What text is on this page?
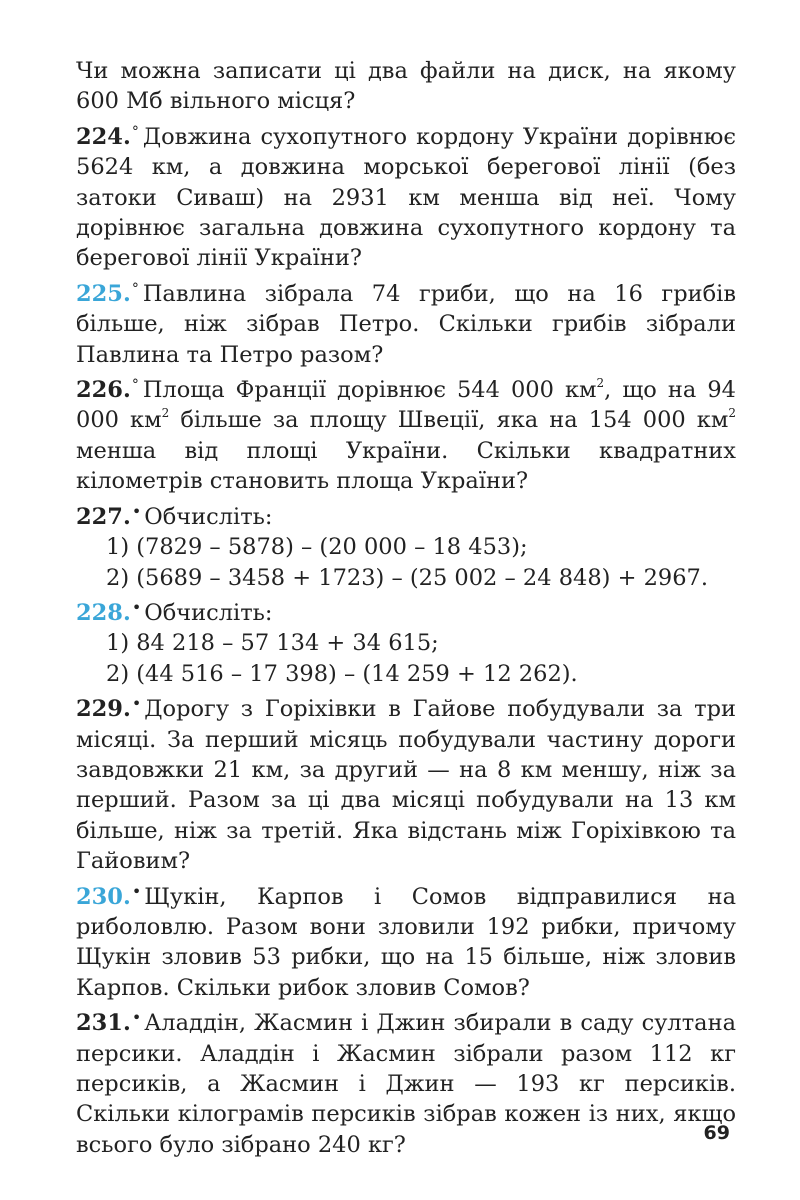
Чи можна записати ці два файли на диск, на якому 600 Мб вільного місця?

224.° Довжина сухопутного кордону України дорівнює 5624 км, а довжина морської берегової лінії (без затоки Сиваш) на 2931 км менша від неї. Чому дорівнює загальна довжина сухопутного кордону та берегової лінії України?

225.° Павлина зібрала 74 гриби, що на 16 грибів більше, ніж зібрав Петро. Скільки грибів зібрали Павлина та Петро разом?

226.° Площа Франції дорівнює 544 000 $км^2$, що на 94 000 $км^2$ більше за площу Швеції, яка на 154 000 $км^2$ менша від площі України. Скільки квадратних кілометрів становить площа України?

227.• Обчисліть:

1) (7829 – 5878) – (20 000 – 18 453);
2) (5689 – 3458 + 1723) – (25 002 – 24 848) + 2967.

228.• Обчисліть:

1) 84 218 – 57 134 + 34 615;
2) (44 516 – 17 398) – (14 259 + 12 262).

229.• Дорогу з Горіхівки в Гайове побудували за три місяці. За перший місяць побудували частину дороги завдовжки 21 км, за другий — на 8 км меншу, ніж за перший. Разом за ці два місяці побудували на 13 км більше, ніж за третій. Яка відстань між Горіхівкою та Гайовим?

230.• Щукін, Карпов і Сомов відправилися на риболовлю. Разом вони зловили 192 рибки, причому Щукін зловив 53 рибки, що на 15 більше, ніж зловив Карпов. Скільки рибок зловив Сомов?

231.• Аладдін, Жасмин і Джин збирали в саду султана персики. Аладдін і Жасмин зібрали разом 112 кг персиків, а Жасмин і Джин — 193 кг персиків. Скільки кілограмів персиків зібрав кожен із них, якщо всього було зібрано 240 кг?	69
